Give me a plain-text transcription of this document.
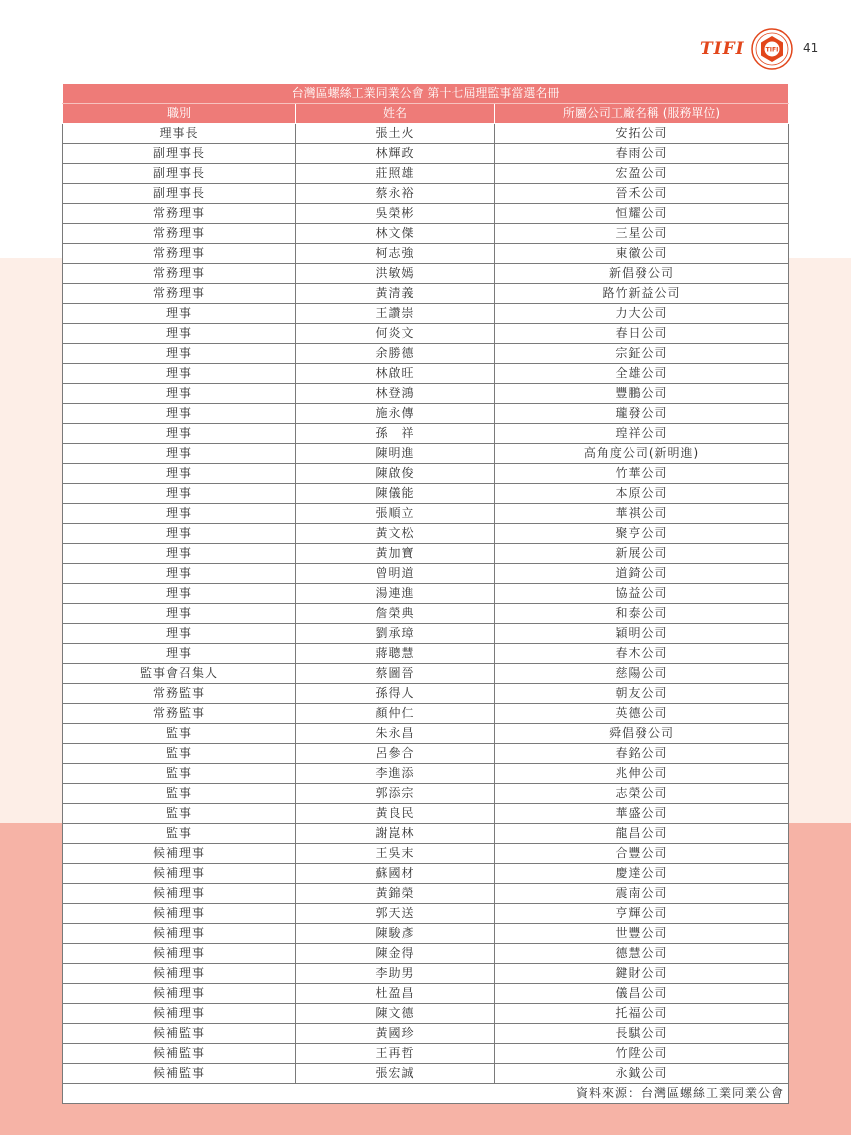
TIFI	TIFI 41
台灣區螺絲工業同業公會 第十七屆理監事當選名冊		
職別	姓名	所屬公司工廠名稱 (服務單位)
理事長	張土火	安拓公司
副理事長	林輝政	春雨公司
副理事長	莊照雄	宏盈公司
副理事長	蔡永裕	晉禾公司
常務理事	吳榮彬	恒耀公司
常務理事	林文傑	三星公司
常務理事	柯志強	東徽公司
常務理事	洪敏嫣	新倡發公司
常務理事	黃清義	路竹新益公司
理事	王讚崇	力大公司
理事	何炎文	春日公司
理事	余勝德	宗鉦公司
理事	林啟旺	全雄公司
理事	林登鴻	豐鵬公司
理事	施永傳	瓏發公司
理事	孫　祥	瑝祥公司
理事	陳明進	高角度公司(新明進)
理事	陳啟俊	竹華公司
理事	陳儀能	本原公司
理事	張順立	華祺公司
理事	黃文松	聚亨公司
理事	黃加寶	新展公司
理事	曾明道	道錡公司
理事	湯連進	協益公司
理事	詹榮典	和泰公司
理事	劉承璋	穎明公司
理事	蔣聰慧	春木公司
監事會召集人	蔡圖晉	慈陽公司
常務監事	孫得人	朝友公司
常務監事	顏仲仁	英德公司
監事	朱永昌	舜倡發公司
監事	呂參合	春銘公司
監事	李進添	兆伸公司
監事	郭添宗	志榮公司
監事	黃良民	華盛公司
監事	謝崑林	龍昌公司
候補理事	王吳末	合豐公司
候補理事	蘇國材	慶達公司
候補理事	黃錦榮	震南公司
候補理事	郭天送	亨輝公司
候補理事	陳駿彥	世豐公司
候補理事	陳金得	德慧公司
候補理事	李助男	鍵財公司
候補理事	杜盈昌	儀昌公司
候補理事	陳文德	托福公司
候補監事	黃國珍	長騏公司
候補監事	王再哲	竹陞公司
候補監事	張宏誠	永鉞公司
資料來源：台灣區螺絲工業同業公會		
